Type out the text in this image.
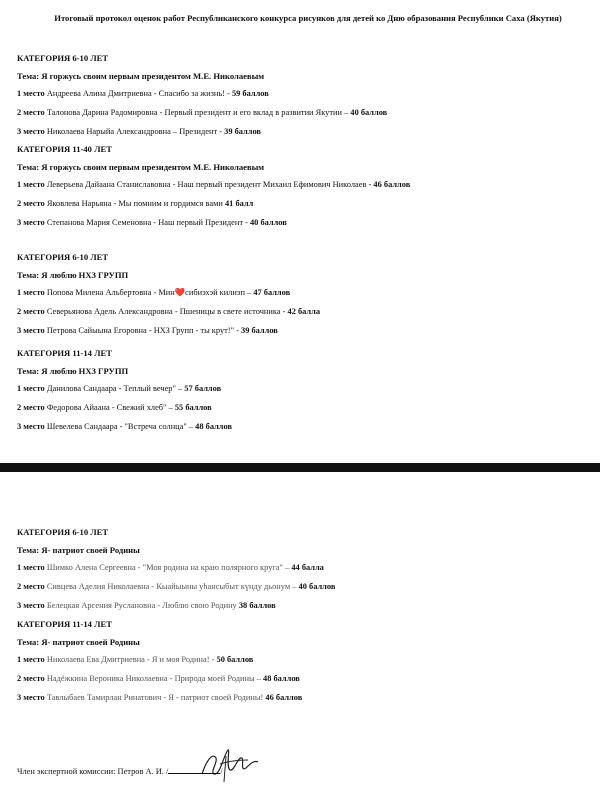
Итоговый протокол оценок работ Республиканского конкурса рисунков для детей ко Дню образования Республики Саха (Якутия)
КАТЕГОРИЯ 6-10 ЛЕТ
Тема: Я горжусь своим первым президентом М.Е. Николаевым
1 место Андреева Алина Дмитриевна - Спасибо за жизнь! - 59 баллов
2 место Талонова Дарина Радомировна - Первый президент и его вклад в развитии Якутии – 40 баллов
3 место Николаева Нарыйа Александровна – Президент - 39 баллов
КАТЕГОРИЯ 11-40 ЛЕТ
Тема: Я горжусь своим первым президентом М.Е. Николаевым
1 место Леверьева Дайаана Станиславовна - Наш первый президент Михаил Ефимович Николаев - 46 баллов
2 место Яковлева Нарьяна - Мы помним и гордимся вами 41 балл
3 место Степанова Мария Семеновна - Наш первый Президент - 40 баллов
КАТЕГОРИЯ 6-10 ЛЕТ
Тема: Я люблю НХЗ ГРУПП
1 место Попова Милена Альбертовна - Мин❤️сибиэхэй килиэп – 47 баллов
2 место Северьянова Адель Александровна - Пшеницы в свете источника - 42 балла
3 место Петрова Сайыына Егоровна - НХЗ Групп - ты крут!" - 39 баллов
КАТЕГОРИЯ 11-14 ЛЕТ
Тема: Я люблю НХЗ ГРУПП
1 место Данилова Сандаара - Теплый вечер" – 57 баллов
2 место Федорова Айаана - Свежий хлеб" – 55 баллов
3 место Шевелева Сандаара - "Встреча солнца" – 48 баллов
КАТЕГОРИЯ 6-10 ЛЕТ
Тема: Я- патриот своей Родины
1 место Шимко Алена Сергеевна - "Моя родина на краю полярного круга" – 44 балла
2 место Сивцева Аделия Николаевна - Кыайыыны уһансыбыт күнду дьонум – 40 баллов
3 место Белецкая Арсения Руслановна - Люблю свою Родину 38 баллов
КАТЕГОРИЯ 11-14 ЛЕТ
Тема: Я- патриот своей Родины
1 место Николаева Ева Дмитриевна - Я и моя Родина! - 50 баллов
2 место Надёжкина Вероника Николаевна - Природа моей Родины – 48 баллов
3 место Тавлыбаев Тамирлан Ринатович - Я - патриот своей Родины! 46 баллов
Член экспертной комиссии: Петров А. И. /	/
